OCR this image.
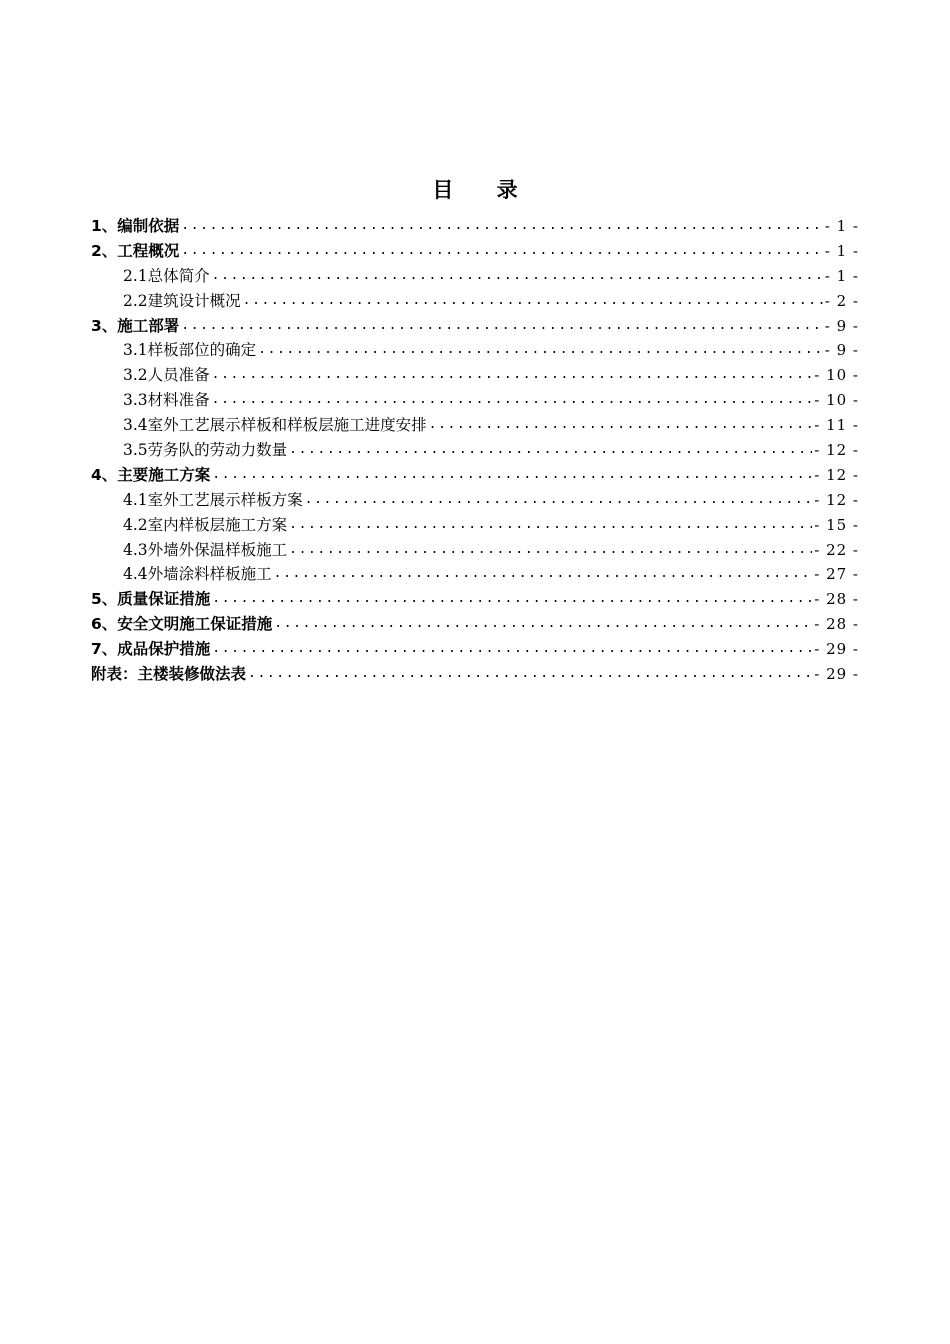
目 录
1、编制依据 .....	- 1 -
2、工程概况 .....	- 1 -
2.1总体简介 .....	- 1 -
2.2建筑设计概况 .....	- 2 -
3、施工部署 .....	- 9 -
3.1样板部位的确定 .....	- 9 -
3.2人员准备 .....	- 10 -
3.3材料准备 .....	- 10 -
3.4室外工艺展示样板和样板层施工进度安排 .....	- 11 -
3.5劳务队的劳动力数量 .....	- 12 -
4、主要施工方案 .....	- 12 -
4.1室外工艺展示样板方案 .....	- 12 -
4.2室内样板层施工方案 .....	- 15 -
4.3外墙外保温样板施工 .....	- 22 -
4.4外墙涂料样板施工 .....	- 27 -
5、质量保证措施 .....	- 28 -
6、安全文明施工保证措施 .....	- 28 -
7、成品保护措施 .....	- 29 -
附表：主楼装修做法表 .....	- 29 -
